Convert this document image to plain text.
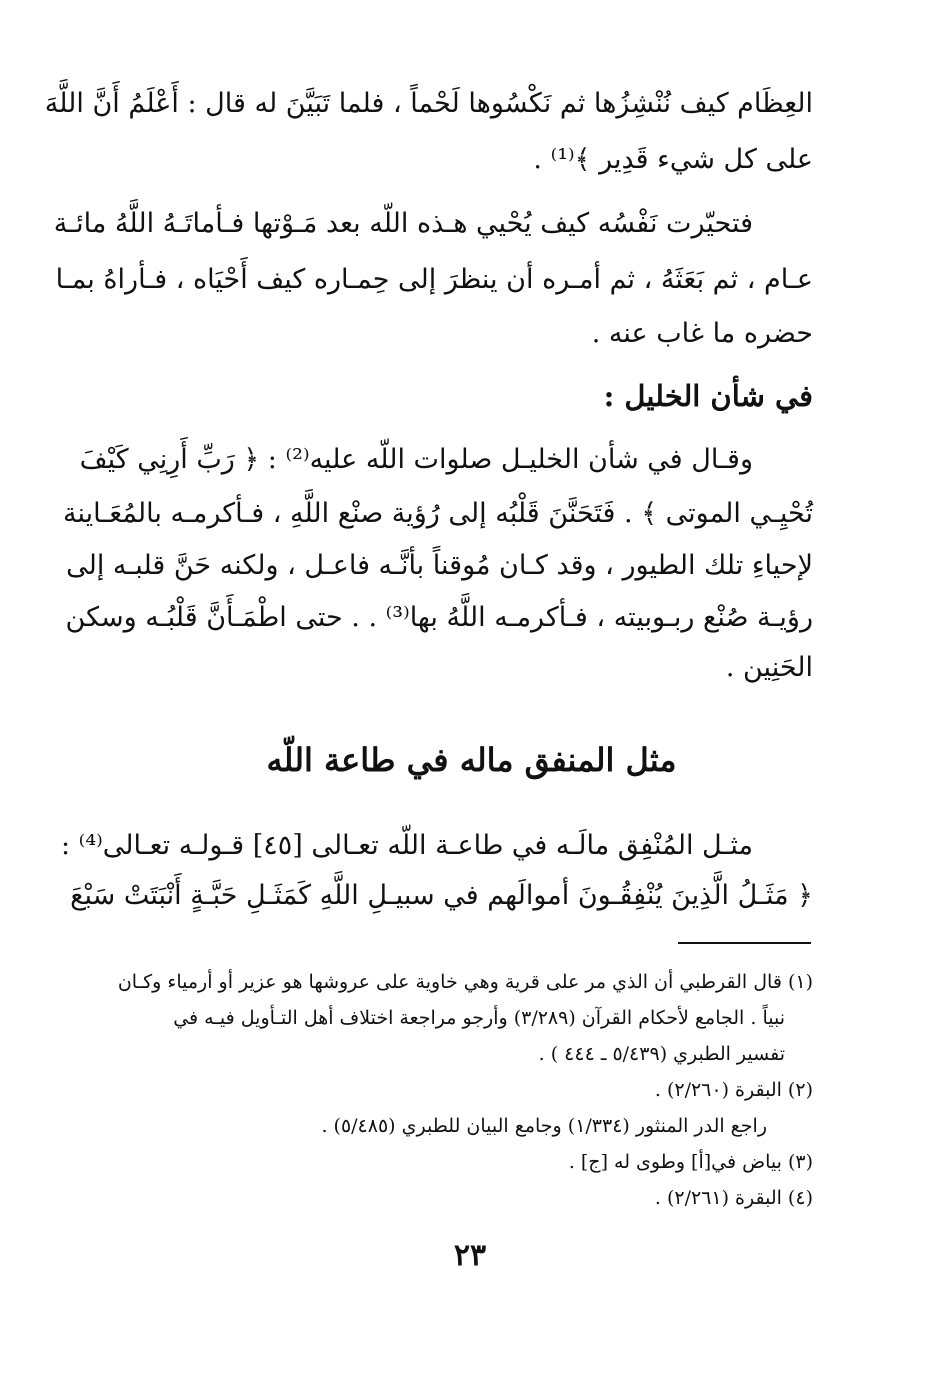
العِظَام كيف نُنْشِزُها ثم نَكْسُوها لَحْماً ، فلما تَبَيَّنَ له قال : أَعْلَمُ أَنَّ اللَّهَ
على كل شيء قَدِير ﴾⁽¹⁾ .
فتحيّرت نَفْسُه كيف يُحْيي هـذه اللّه بعد مَـوْتها فـأماتَـهُ اللَّهُ مائـة
عـام ، ثم بَعَثَهُ ، ثم أمـره أن ينظرَ إلى حِمـاره كيف أَحْيَاه ، فـأراهُ بمـا
حضره ما غاب عنه .
في شأن الخليل :
وقـال في شأن الخليـل صلوات اللّه عليه⁽²⁾ : ﴿ رَبِّ أَرِنِي كَيْفَ
تُحْيِـي الموتى ﴾ . فَتَحَنَّنَ قَلْبُه إلى رُؤية صنْع اللَّهِ ، فـأكرمـه بالمُعَـاينة
لإحياءِ تلك الطيور ، وقد كـان مُوقناً بأنَّـه فاعـل ، ولكنه حَنَّ قلبـه إلى
رؤيـة صُنْع ربـوبيته ، فـأكرمـه اللَّهُ بها⁽³⁾ . . حتى اطْمَـأَنَّ قَلْبُـه وسكن
الحَنِين .
مثل المنفق ماله في طاعة اللّه
مثـل المُنْفِق مالَـه في طاعـة اللّه تعـالى [٤٥] قـولـه تعـالى⁽⁴⁾ :
﴿ مَثَـلُ الَّذِينَ يُنْفِقُـونَ أموالَهم في سبيـلِ اللَّهِ كَمَثَـلِ حَبَّـةٍ أَنْبَتَتْ سَبْعَ
(١) قال القرطبي أن الذي مر على قرية وهي خاوية على عروشها هو عزير أو أرمياء وكـان
نبياً . الجامع لأحكام القرآن (٣/٢٨٩) وأرجو مراجعة اختلاف أهل التـأويل فيـه في
تفسير الطبري (٥/٤٣٩ ـ ٤٤٤ ) .
(٢) البقرة (٢/٢٦٠) .
راجع الدر المنثور (١/٣٣٤) وجامع البيان للطبري (٥/٤٨٥) .
(٣) بياض في[أ] وطوى له [ج] .
(٤) البقرة (٢/٢٦١) .
٢٣
